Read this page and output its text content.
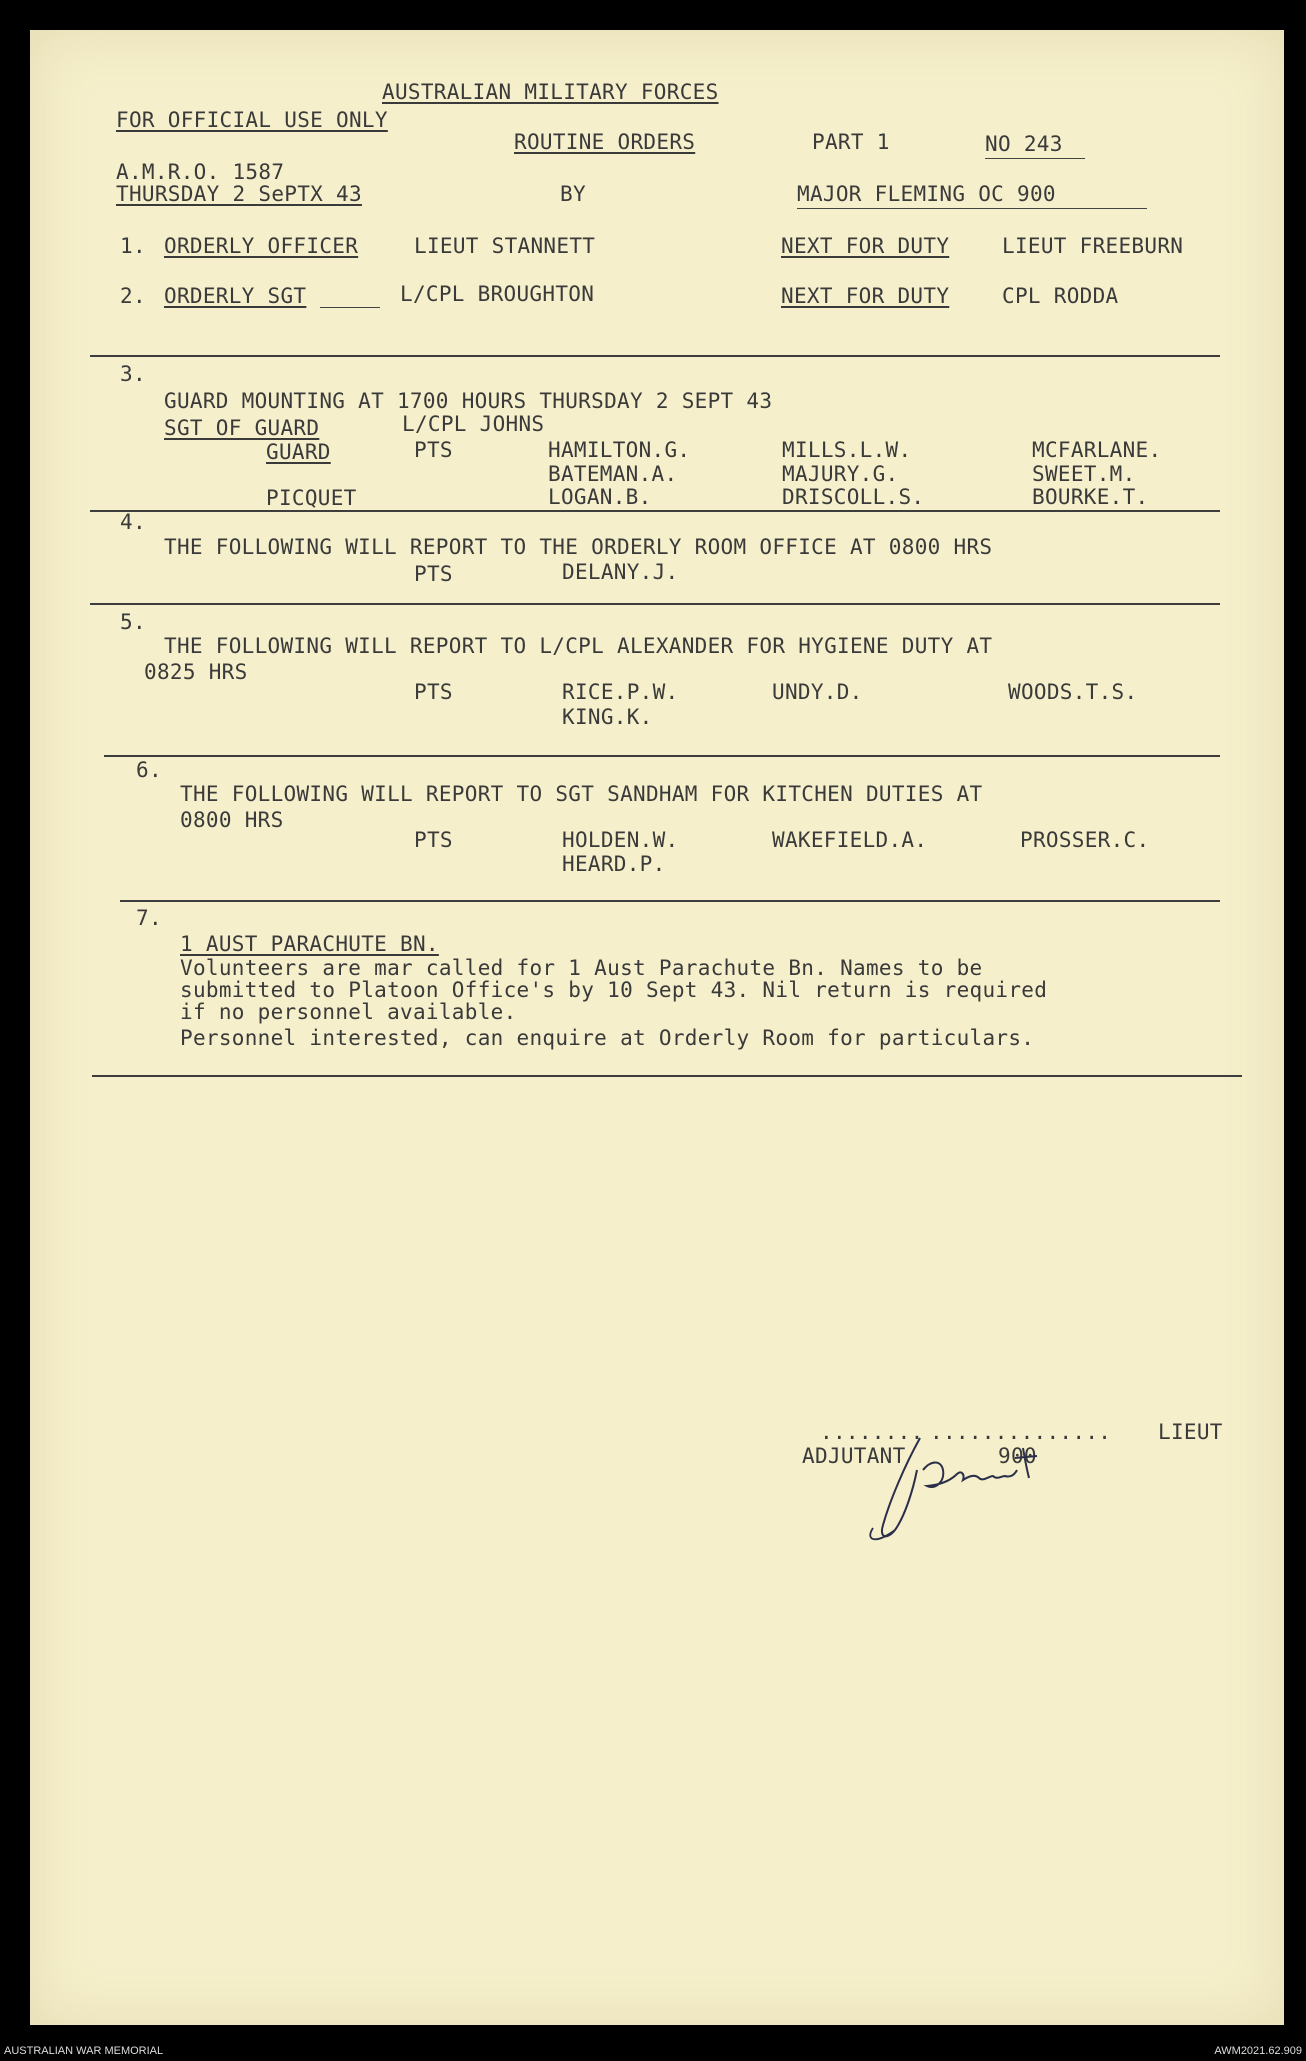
AUSTRALIAN MILITARY FORCES
FOR OFFICIAL USE ONLY
ROUTINE ORDERS	PART 1	NO 243
A.M.R.O. 1587
THURSDAY 2 SePTX 43	BY	MAJOR FLEMING OC 900
1. ORDERLY OFFICER	LIEUT STANNETT	NEXT FOR DUTY	LIEUT FREEBURN
2. ORDERLY SGT	L/CPL BROUGHTON	NEXT FOR DUTY	CPL RODDA
3.
GUARD MOUNTING AT 1700 HOURS THURSDAY 2 SEPT 43
SGT OF GUARD	L/CPL JOHNS
GUARD	PTS	HAMILTON.G.	MILLS.L.W.	MCFARLANE.
BATEMAN.A.	MAJURY.G.	SWEET.M.
PICQUET	LOGAN.B.	DRISCOLL.S.	BOURKE.T.
4.
THE FOLLOWING WILL REPORT TO THE ORDERLY ROOM OFFICE AT 0800 HRS
PTS	DELANY.J.
5.
THE FOLLOWING WILL REPORT TO L/CPL ALEXANDER FOR HYGIENE DUTY AT
0825 HRS
PTS	RICE.P.W.	UNDY.D.	WOODS.T.S.
KING.K.
6.
THE FOLLOWING WILL REPORT TO SGT SANDHAM FOR KITCHEN DUTIES AT
0800 HRS
PTS	HOLDEN.W.	WAKEFIELD.A.	PROSSER.C.
HEARD.P.
7.
1 AUST PARACHUTE BN.
Volunteers are mar called for 1 Aust Parachute Bn. Names to be
submitted to Platoon Office's by 10 Sept 43. Nil return is required
if no personnel available.
Personnel interested, can enquire at Orderly Room for particulars.
........ .............. LIEUT
ADJUTANT	900
AUSTRALIAN WAR MEMORIAL	AWM2021.62.909
